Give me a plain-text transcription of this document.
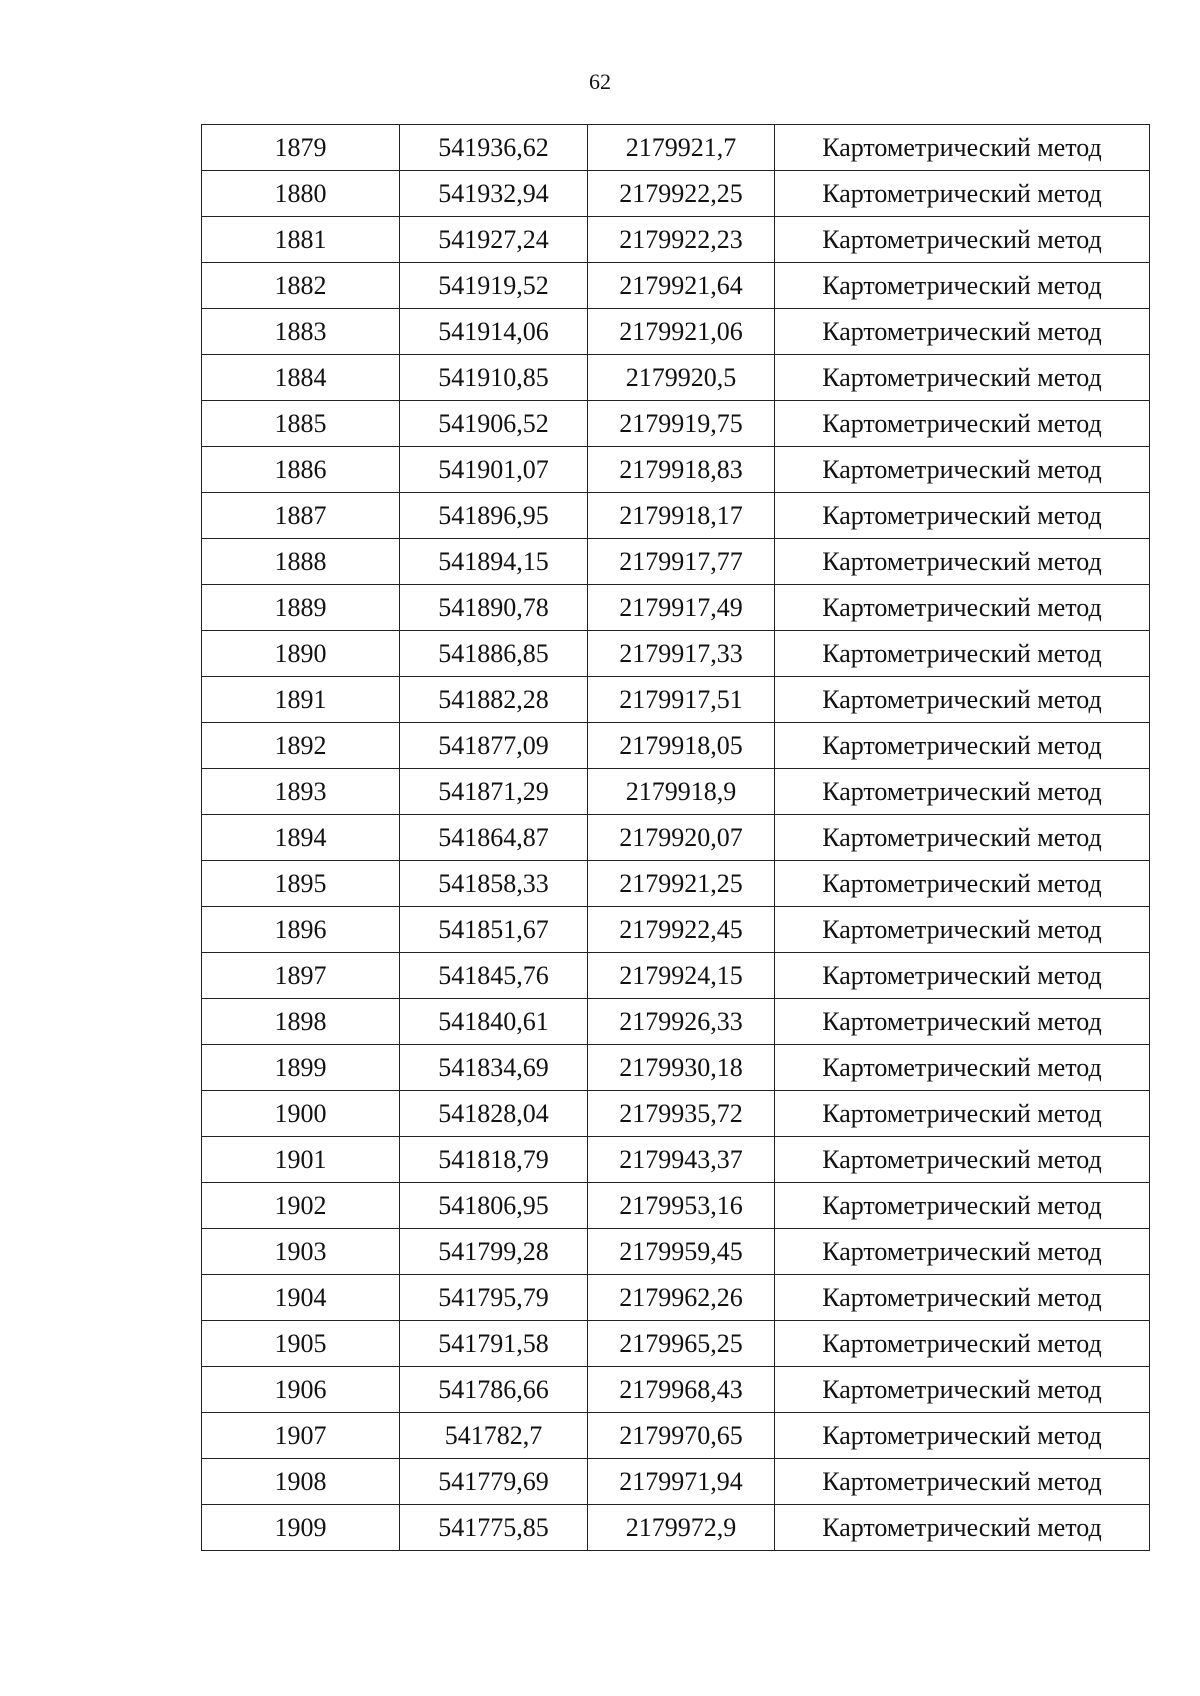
62
1879	541936,62	2179921,7	Картометрический метод
1880	541932,94	2179922,25	Картометрический метод
1881	541927,24	2179922,23	Картометрический метод
1882	541919,52	2179921,64	Картометрический метод
1883	541914,06	2179921,06	Картометрический метод
1884	541910,85	2179920,5	Картометрический метод
1885	541906,52	2179919,75	Картометрический метод
1886	541901,07	2179918,83	Картометрический метод
1887	541896,95	2179918,17	Картометрический метод
1888	541894,15	2179917,77	Картометрический метод
1889	541890,78	2179917,49	Картометрический метод
1890	541886,85	2179917,33	Картометрический метод
1891	541882,28	2179917,51	Картометрический метод
1892	541877,09	2179918,05	Картометрический метод
1893	541871,29	2179918,9	Картометрический метод
1894	541864,87	2179920,07	Картометрический метод
1895	541858,33	2179921,25	Картометрический метод
1896	541851,67	2179922,45	Картометрический метод
1897	541845,76	2179924,15	Картометрический метод
1898	541840,61	2179926,33	Картометрический метод
1899	541834,69	2179930,18	Картометрический метод
1900	541828,04	2179935,72	Картометрический метод
1901	541818,79	2179943,37	Картометрический метод
1902	541806,95	2179953,16	Картометрический метод
1903	541799,28	2179959,45	Картометрический метод
1904	541795,79	2179962,26	Картометрический метод
1905	541791,58	2179965,25	Картометрический метод
1906	541786,66	2179968,43	Картометрический метод
1907	541782,7	2179970,65	Картометрический метод
1908	541779,69	2179971,94	Картометрический метод
1909	541775,85	2179972,9	Картометрический метод
